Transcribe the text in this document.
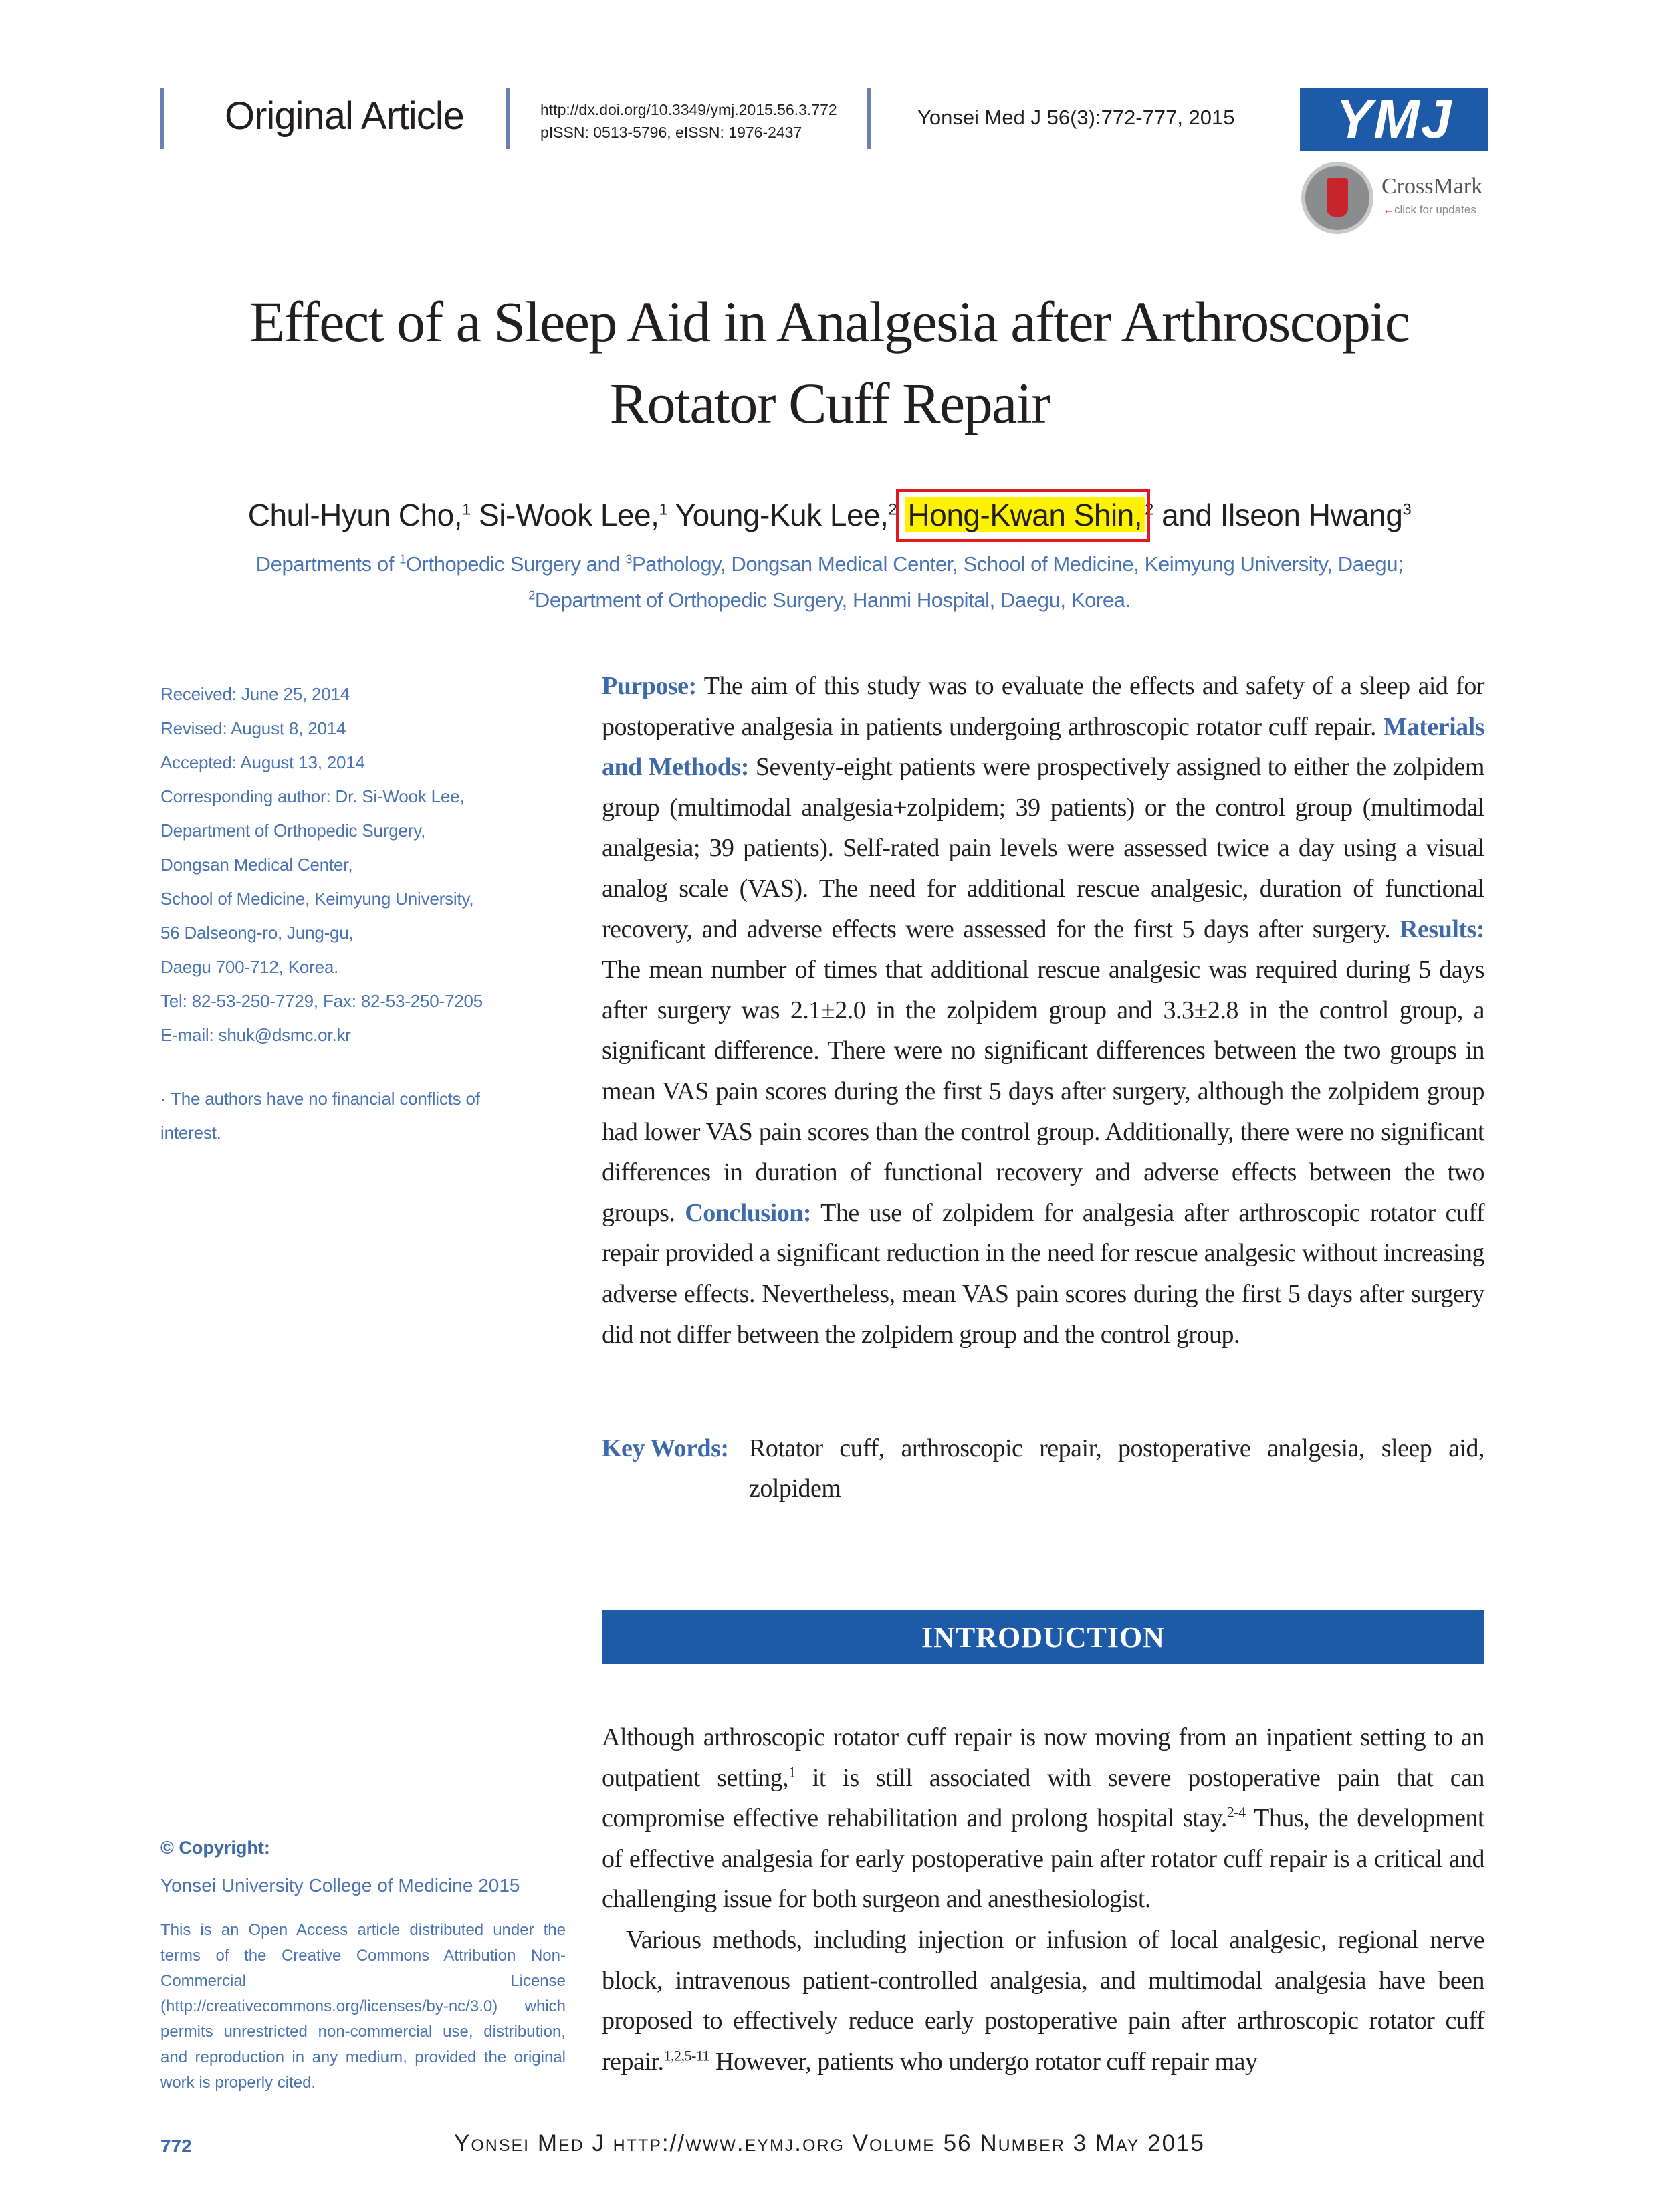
Original Article	http://dx.doi.org/10.3349/ymj.2015.56.3.772
pISSN: 0513-5796, eISSN: 1976-2437
Yonsei Med J 56(3):772-777, 2015 YMJ
CrossMark
←click for updates
Effect of a Sleep Aid in Analgesia after Arthroscopic
Rotator Cuff Repair
Chul-Hyun Cho,$^1$ Si-Wook Lee,$^1$ Young-Kuk Lee,$^2$ Hong-Kwan Shin, $^2$ and Ilseon Hwang$^3$
Departments of $^1$Orthopedic Surgery and $^3$Pathology, Dongsan Medical Center, School of Medicine, Keimyung University, Daegu;
$^2$Department of Orthopedic Surgery, Hanmi Hospital, Daegu, Korea.
Received: June 25, 2014
Revised: August 8, 2014
Accepted: August 13, 2014
Corresponding author: Dr. Si-Wook Lee,
Department of Orthopedic Surgery,
Dongsan Medical Center,
School of Medicine, Keimyung University,
56 Dalseong-ro, Jung-gu,
Daegu 700-712, Korea.
Tel: 82-53-250-7729, Fax: 82-53-250-7205
E-mail: shuk@dsmc.or.kr
· The authors have no financial conflicts of
interest.
© Copyright:
Yonsei University College of Medicine 2015
This is an Open Access article distributed under the terms of the Creative Commons Attribution Non-Commercial License (http://creativecommons.org/licenses/by-nc/3.0) which permits unrestricted non-commercial use, distribution, and reproduction in any medium, provided the original work is properly cited.
Purpose: The aim of this study was to evaluate the effects and safety of a sleep aid for postoperative analgesia in patients undergoing arthroscopic rotator cuff repair. Materials and Methods: Seventy-eight patients were prospectively assigned to either the zolpidem group (multimodal analgesia+zolpidem; 39 patients) or the control group (multimodal analgesia; 39 patients). Self-rated pain levels were assessed twice a day using a visual analog scale (VAS). The need for additional rescue analgesic, duration of functional recovery, and adverse effects were assessed for the first 5 days after surgery. Results: The mean number of times that additional rescue analgesic was required during 5 days after surgery was 2.1±2.0 in the zolpidem group and 3.3±2.8 in the control group, a significant difference. There were no significant differences between the two groups in mean VAS pain scores during the first 5 days after surgery, although the zolpidem group had lower VAS pain scores than the control group. Additionally, there were no significant differences in duration of functional recovery and adverse effects between the two groups. Conclusion: The use of zolpidem for analgesia after arthroscopic rotator cuff repair provided a significant reduction in the need for rescue analgesic without increasing adverse effects. Nevertheless, mean VAS pain scores during the first 5 days after surgery did not differ between the zolpidem group and the control group.
Key Words: Rotator cuff, arthroscopic repair, postoperative analgesia, sleep aid, zolpidem
INTRODUCTION

Although arthroscopic rotator cuff repair is now moving from an inpatient setting to an outpatient setting,$^1$ it is still associated with severe postoperative pain that can compromise effective rehabilitation and prolong hospital stay.$^{2-4}$ Thus, the development of effective analgesia for early postoperative pain after rotator cuff repair is a critical and challenging issue for both surgeon and anesthesiologist.

Various methods, including injection or infusion of local analgesic, regional nerve block, intravenous patient-controlled analgesia, and multimodal analgesia have been proposed to effectively reduce early postoperative pain after arthroscopic rotator cuff repair.$^{1,2,5-11}$ However, patients who undergo rotator cuff repair may

772	Yonsei Med J http://www.eymj.org Volume 56 Number 3 May 2015
